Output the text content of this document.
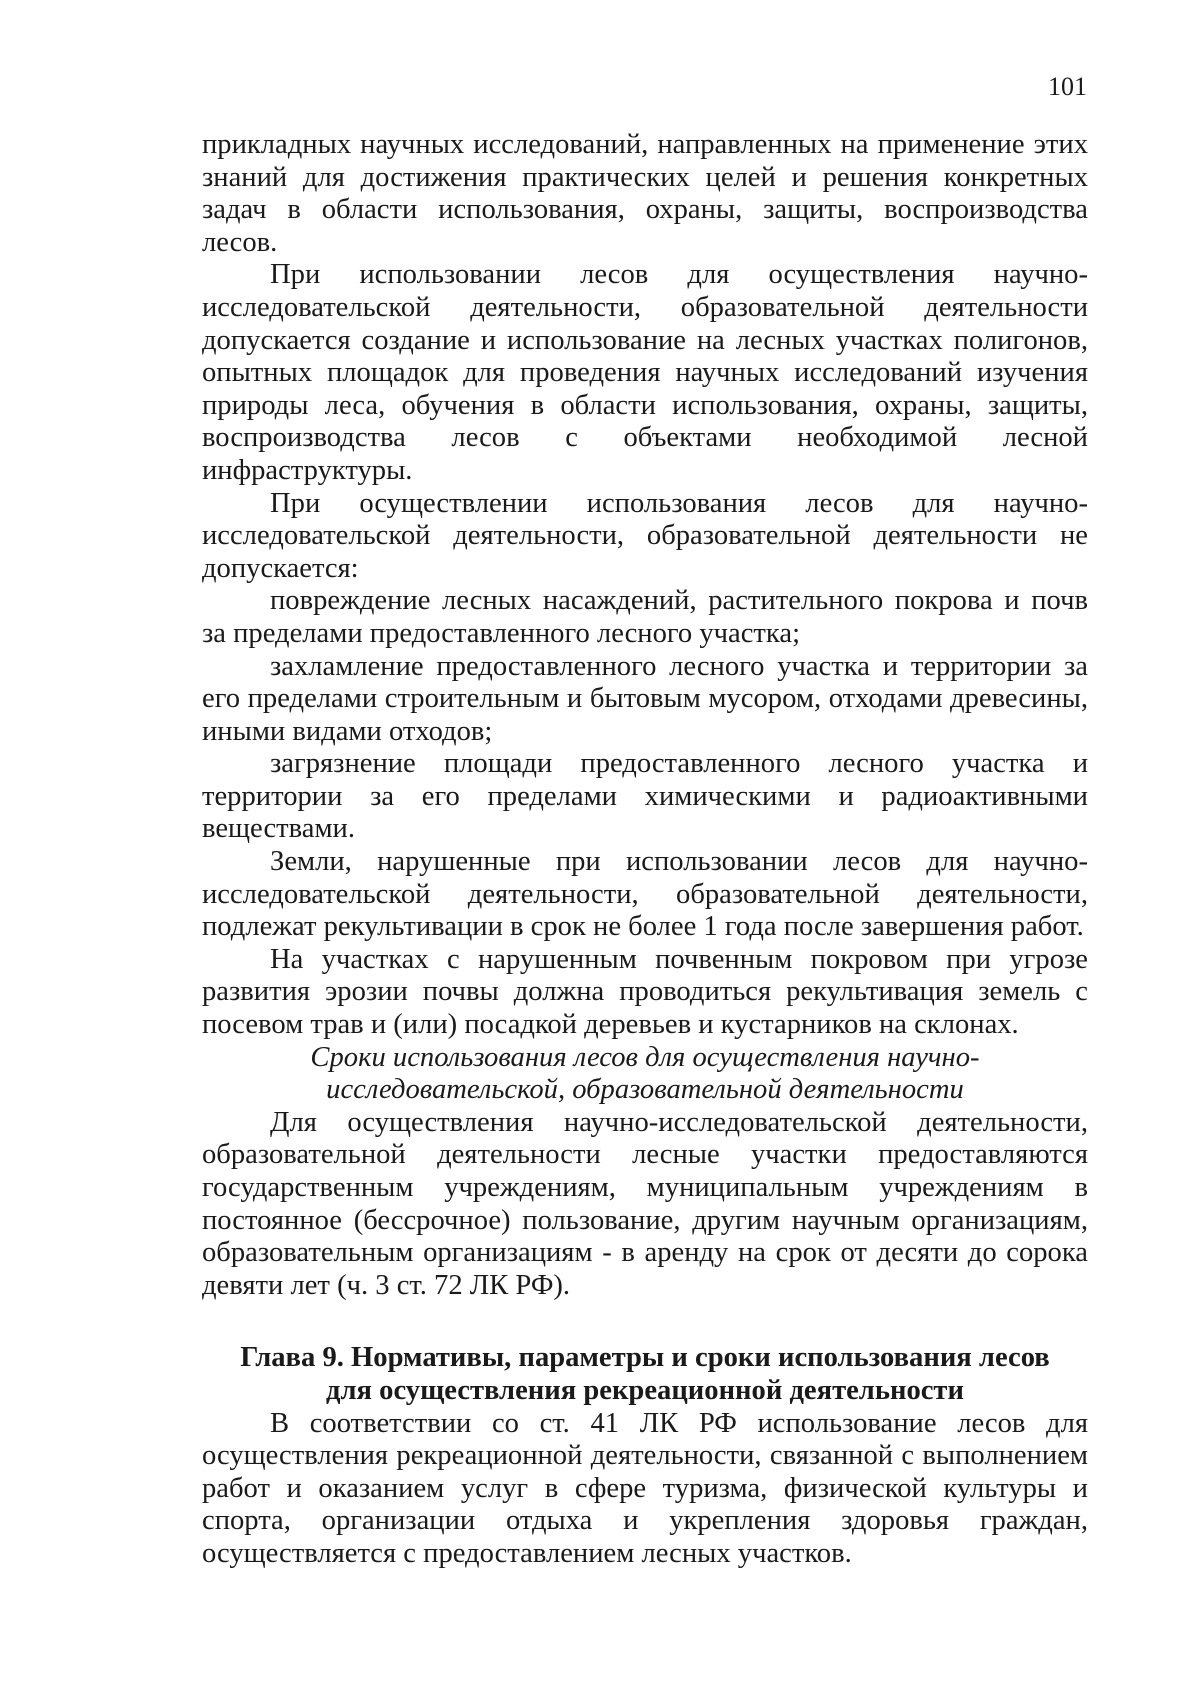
101

прикладных научных исследований, направленных на применение этих знаний для достижения практических целей и решения конкретных задач в области использования, охраны, защиты, воспроизводства лесов.

При использовании лесов для осуществления научно-исследовательской деятельности, образовательной деятельности допускается создание и использование на лесных участках полигонов, опытных площадок для проведения научных исследований изучения природы леса, обучения в области использования, охраны, защиты, воспроизводства лесов с объектами необходимой лесной инфраструктуры.

При осуществлении использования лесов для научно-исследовательской деятельности, образовательной деятельности не допускается:

повреждение лесных насаждений, растительного покрова и почв за пределами предоставленного лесного участка;

захламление предоставленного лесного участка и территории за его пределами строительным и бытовым мусором, отходами древесины, иными видами отходов;

загрязнение площади предоставленного лесного участка и территории за его пределами химическими и радиоактивными веществами.

Земли, нарушенные при использовании лесов для научно-исследовательской деятельности, образовательной деятельности, подлежат рекультивации в срок не более 1 года после завершения работ.

На участках с нарушенным почвенным покровом при угрозе развития эрозии почвы должна проводиться рекультивация земель с посевом трав и (или) посадкой деревьев и кустарников на склонах.

Сроки использования лесов для осуществления научно-исследовательской, образовательной деятельности

Для осуществления научно-исследовательской деятельности, образовательной деятельности лесные участки предоставляются государственным учреждениям, муниципальным учреждениям в постоянное (бессрочное) пользование, другим научным организациям, образовательным организациям - в аренду на срок от десяти до сорока девяти лет (ч. 3 ст. 72 ЛК РФ).

Глава 9. Нормативы, параметры и сроки использования лесов для осуществления рекреационной деятельности

В соответствии со ст. 41 ЛК РФ использование лесов для осуществления рекреационной деятельности, связанной с выполнением работ и оказанием услуг в сфере туризма, физической культуры и спорта, организации отдыха и укрепления здоровья граждан, осуществляется с предоставлением лесных участков.
